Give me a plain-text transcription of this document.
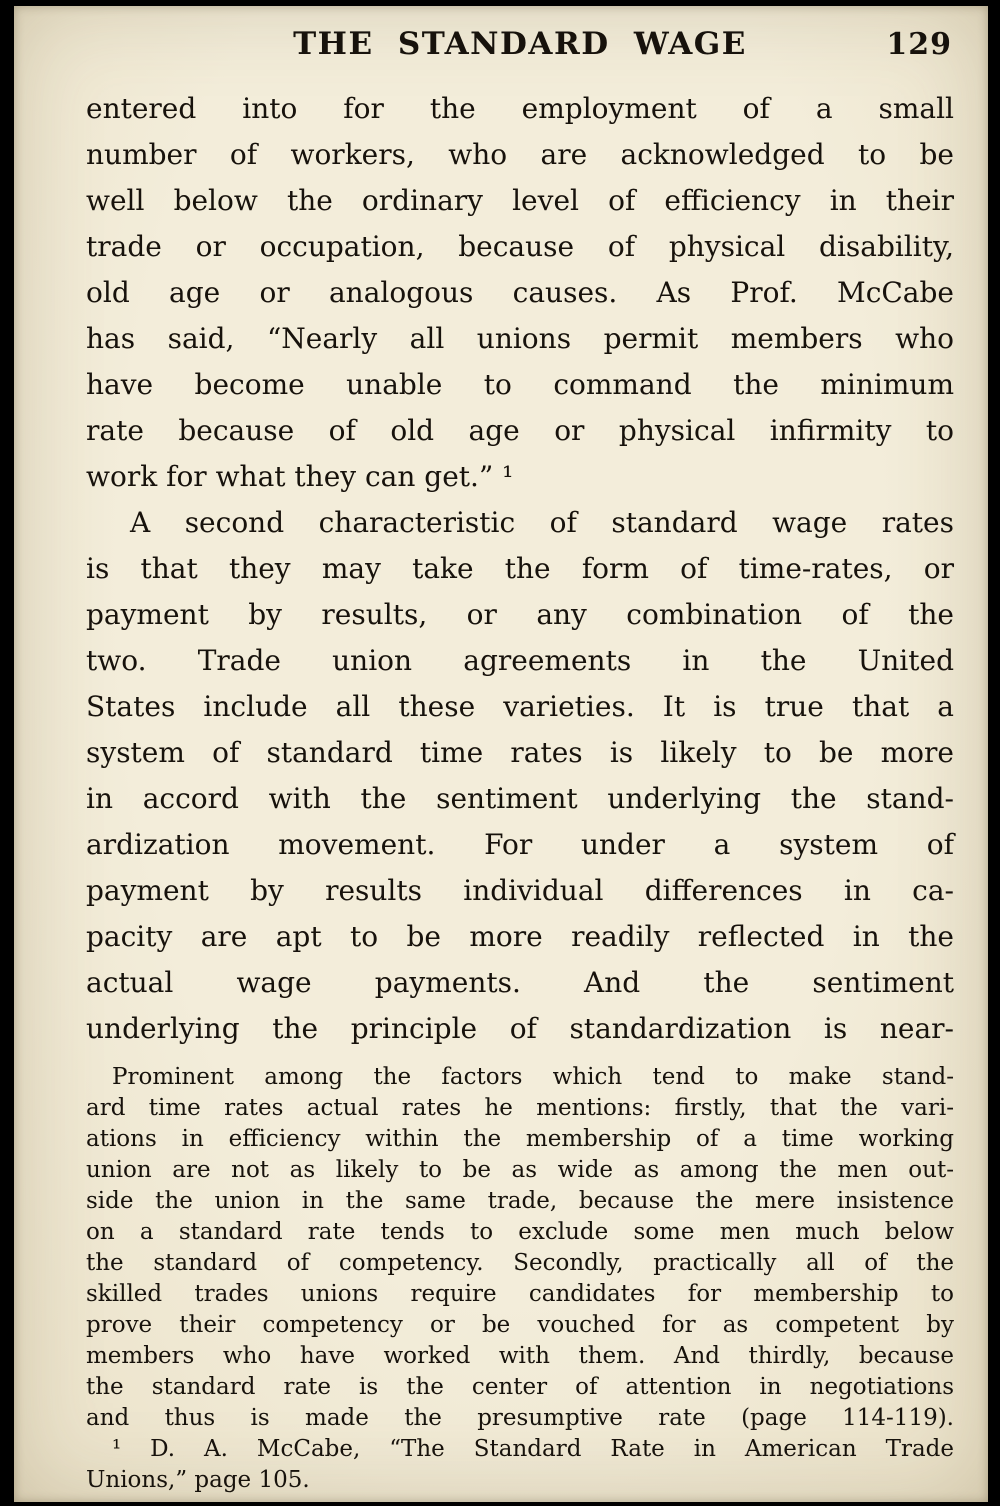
THE STANDARD WAGE	129
entered into for the employment of a small
number of workers, who are acknowledged to be
well below the ordinary level of efficiency in their
trade or occupation, because of physical disability,
old age or analogous causes. As Prof. McCabe
has said, “Nearly all unions permit members who
have become unable to command the minimum
rate because of old age or physical infirmity to
work for what they can get.” ¹
A second characteristic of standard wage rates
is that they may take the form of time-rates, or
payment by results, or any combination of the
two. Trade union agreements in the United
States include all these varieties. It is true that a
system of standard time rates is likely to be more
in accord with the sentiment underlying the stand-
ardization movement. For under a system of
payment by results individual differences in ca-
pacity are apt to be more readily reflected in the
actual wage payments. And the sentiment
underlying the principle of standardization is near-
Prominent among the factors which tend to make stand-
ard time rates actual rates he mentions: firstly, that the vari-
ations in efficiency within the membership of a time working
union are not as likely to be as wide as among the men out-
side the union in the same trade, because the mere insistence
on a standard rate tends to exclude some men much below
the standard of competency. Secondly, practically all of the
skilled trades unions require candidates for membership to
prove their competency or be vouched for as competent by
members who have worked with them. And thirdly, because
the standard rate is the center of attention in negotiations
and thus is made the presumptive rate (page 114-119).
¹ D. A. McCabe, “The Standard Rate in American Trade
Unions,” page 105.
